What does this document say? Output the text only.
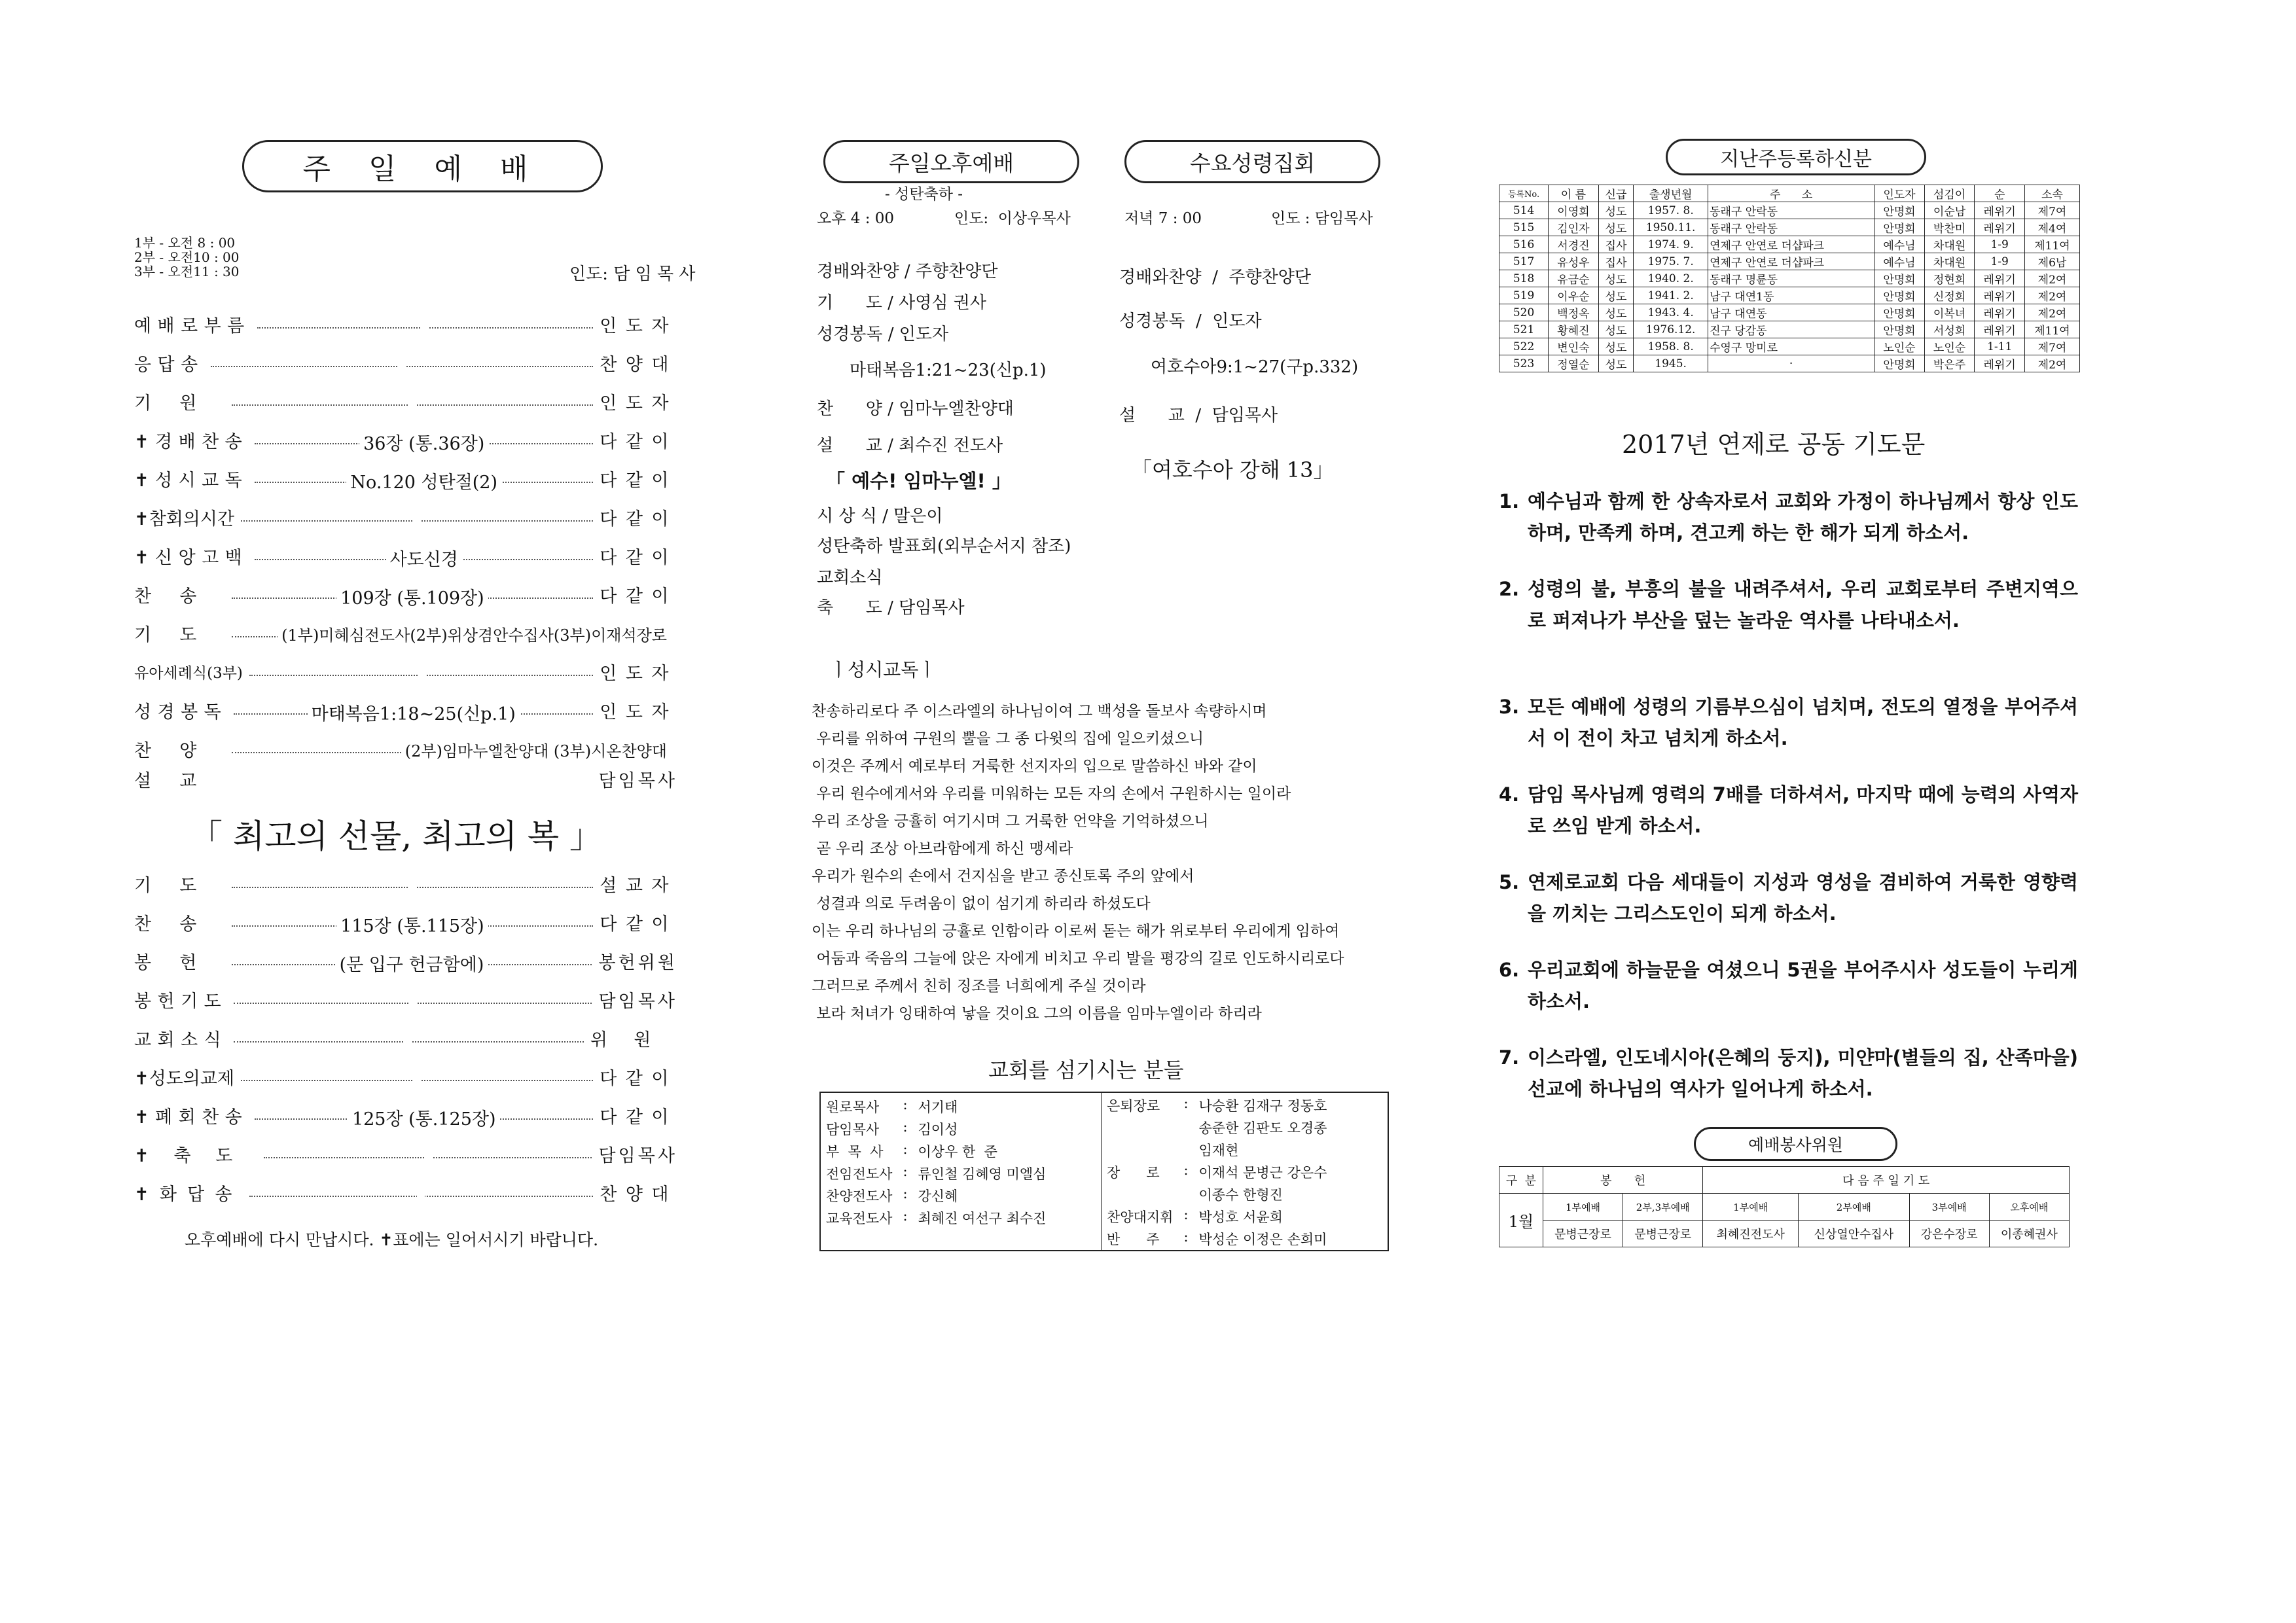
주 일 예 배
1부 - 오전 8 : 00
2부 - 오전10 : 00
3부 - 오전11 : 30	인도: 담 임 목 사
예배로부름	인도자
응답송	찬양대
기원	인도자
✝경배찬송	36장 (통.36장)	다같이
✝성시교독	No.120 성탄절(2)	다같이
✝참회의시간	다같이
✝신앙고백	사도신경	다같이
찬송	109장 (통.109장)	다같이
기도	(1부)미혜심전도사(2부)위상겸안수집사(3부)이재석장로
유아세례식(3부)	인도자
성경봉독	마태복음1:18~25(신p.1)	인도자
찬양	(2부)임마누엘찬양대 (3부)시온찬양대
설교	담임목사
「 최고의 선물, 최고의 복 」
기도	설교자
찬송	115장 (통.115장)	다같이
봉헌	(문 입구 헌금함에)	봉헌위원
봉헌기도	담임목사
교회소식	위원
✝성도의교제	다같이
✝폐회찬송	125장 (통.125장)	다같이
✝축도	담임목사
✝화답송	찬양대
오후예배에 다시 만납시다. ✝표에는 일어서시기 바랍니다.
주일오후예배	수요성령집회
- 성탄축하 -
오후 4 : 00	인도:  이상우목사	저녁 7 : 00	인도 : 담임목사
경배와찬양 / 주향찬양단
기      도 / 사영심 권사
성경봉독 / 인도자
마태복음1:21~23(신p.1)
찬      양 / 임마누엘찬양대
설      교 / 최수진 전도사
「 예수! 임마누엘! 」
시 상 식 / 말은이
성탄축하 발표회(외부순서지 참조)
교회소식
축      도 / 담임목사
경배와찬양  /  주향찬양단
성경봉독  /  인도자
여호수아9:1~27(구p.332)
설      교  /  담임목사
「여호수아 강해 13」
ㅣ성시교독ㅣ
찬송하리로다 주 이스라엘의 하나님이여 그 백성을 돌보사 속량하시며
우리를 위하여 구원의 뿔을 그 종 다윗의 집에 일으키셨으니
이것은 주께서 예로부터 거룩한 선지자의 입으로 말씀하신 바와 같이
우리 원수에게서와 우리를 미워하는 모든 자의 손에서 구원하시는 일이라
우리 조상을 긍휼히 여기시며 그 거룩한 언약을 기억하셨으니
곧 우리 조상 아브라함에게 하신 맹세라
우리가 원수의 손에서 건지심을 받고 종신토록 주의 앞에서
성결과 의로 두려움이 없이 섬기게 하리라 하셨도다
이는 우리 하나님의 긍휼로 인함이라 이로써 돋는 해가 위로부터 우리에게 임하여
어둠과 죽음의 그늘에 앉은 자에게 비치고 우리 발을 평강의 길로 인도하시리로다
그러므로 주께서 친히 징조를 너희에게 주실 것이라
보라 처녀가 잉태하여 낳을 것이요 그의 이름을 임마누엘이라 하리라
교회를 섬기시는 분들
원로목사	:	서기태
담임목사	:	김이성
부  목  사	:	이상우 한  준
전임전도사	:	류인철 김혜영 미엘심
찬양전도사	:	강신혜
교육전도사	:	최혜진 여선구 최수진
은퇴장로	:	나승환 김재구 정동호
		송준한 김판도 오경종
		임재현
장      로	:	이재석 문병근 강은수
		이종수 한형진
찬양대지휘	:	박성호 서윤희
반      주	:	박성순 이정은 손희미
지난주등록하신분
등록No.	이 름	신급	출생년월	주      소	인도자	섬김이	순	소속
514	이영희	성도	1957. 8.	동래구 안락동	안명희	이순남	레위기	제7여
515	김인자	성도	1950.11.	동래구 안락동	안명희	박찬미	레위기	제4여
516	서경진	집사	1974. 9.	연제구 안연로 더샵파크	예수님	차대원	1-9	제11여
517	유성우	집사	1975. 7.	연제구 안연로 더샵파크	예수님	차대원	1-9	제6남
518	유금순	성도	1940. 2.	동래구 명륜동	안명희	정현희	레위기	제2여
519	이우순	성도	1941. 2.	남구 대연1동	안명희	신정희	레위기	제2여
520	백정옥	성도	1943. 4.	남구 대연동	안명희	이복녀	레위기	제2여
521	황혜진	성도	1976.12.	진구 당감동	안명희	서성희	레위기	제11여
522	변인숙	성도	1958. 8.	수영구 망미로	노인순	노인순	1-11	제7여
523	정열순	성도	1945.	·	안명희	박은주	레위기	제2여
2017년 연제로 공동 기도문
1. 예수님과 함께 한 상속자로서 교회와 가정이 하나님께서 항상 인도하며, 만족케 하며, 견고케 하는 한 해가 되게 하소서.
2. 성령의 불, 부흥의 불을 내려주셔서, 우리 교회로부터 주변지역으로 퍼져나가 부산을 덮는 놀라운 역사를 나타내소서.
3. 모든 예배에 성령의 기름부으심이 넘치며, 전도의 열정을 부어주셔서 이 전이 차고 넘치게 하소서.
4. 담임 목사님께 영력의 7배를 더하셔서, 마지막 때에 능력의 사역자로 쓰임 받게 하소서.
5. 연제로교회 다음 세대들이 지성과 영성을 겸비하여 거룩한 영향력을 끼치는 그리스도인이 되게 하소서.
6. 우리교회에 하늘문을 여셨으니 5권을 부어주시사 성도들이 누리게 하소서.
7. 이스라엘, 인도네시아(은혜의 둥지), 미얀마(별들의 집, 산족마을) 선교에 하나님의 역사가 일어나게 하소서.
예배봉사위원
구  분	봉      헌		다 음 주 일 기 도			
1월	1부예배	2부,3부예배	1부예배	2부예배	3부예배	오후예배
	문병근장로	문병근장로	최혜진전도사	신상열안수집사	강은수장로	이종혜권사
